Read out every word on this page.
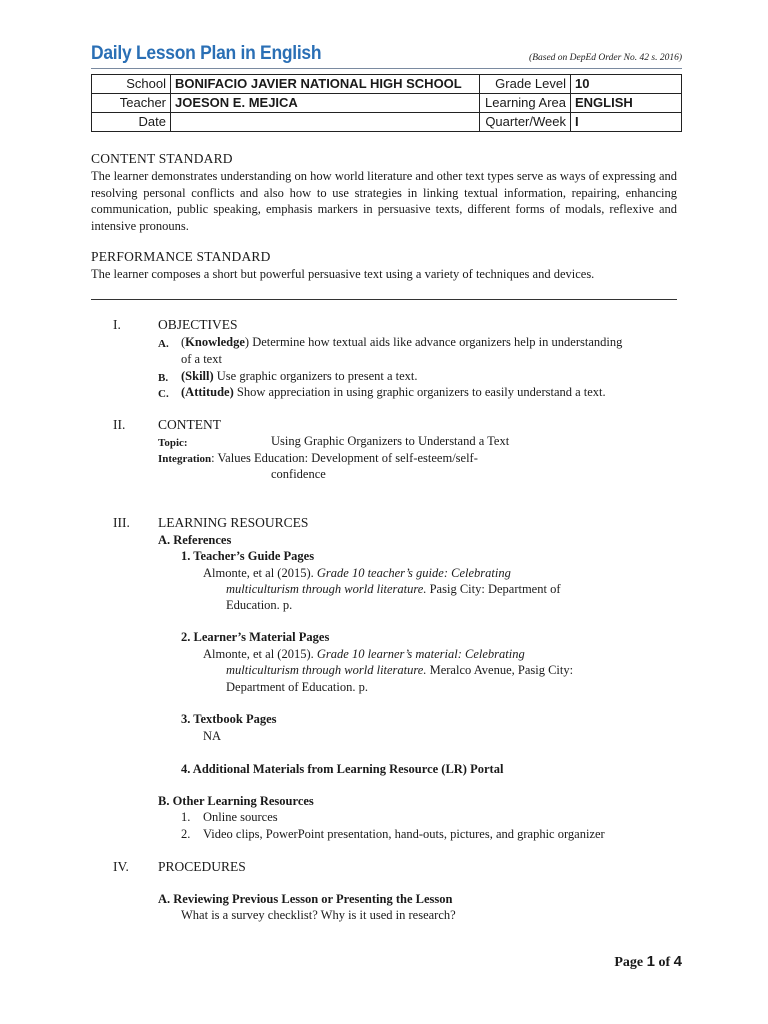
Daily Lesson Plan in English	(Based on DepEd Order No. 42 s. 2016)
School	BONIFACIO JAVIER NATIONAL HIGH SCHOOL	Grade Level	10
Teacher	JOESON E. MEJICA	Learning Area	ENGLISH
Date		Quarter/Week	I
CONTENT STANDARD
The learner demonstrates understanding on how world literature and other text types serve as ways of expressing and resolving personal conflicts and also how to use strategies in linking textual information, repairing, enhancing communication, public speaking, emphasis markers in persuasive texts, different forms of modals, reflexive and intensive pronouns.
PERFORMANCE STANDARD
The learner composes a short but powerful persuasive text using a variety of techniques and devices.
I.	OBJECTIVES
A. (Knowledge) Determine how textual aids like advance organizers help in understanding
of a text
B. (Skill) Use graphic organizers to present a text.
C. (Attitude) Show appreciation in using graphic organizers to easily understand a text.
II. CONTENT
Topic:	Using Graphic Organizers to Understand a Text
Integration: Values Education: Development of self-esteem/self-
confidence
III. LEARNING RESOURCES
A. References
1. Teacher’s Guide Pages
Almonte, et al (2015). Grade 10 teacher’s guide: Celebrating
multiculturism through world literature. Pasig City: Department of
Education. p.
2. Learner’s Material Pages
Almonte, et al (2015). Grade 10 learner’s material: Celebrating
multiculturism through world literature. Meralco Avenue, Pasig City:
Department of Education. p.
3. Textbook Pages
NA
4. Additional Materials from Learning Resource (LR) Portal
B. Other Learning Resources
1. Online sources
2. Video clips, PowerPoint presentation, hand-outs, pictures, and graphic organizer
IV. PROCEDURES
A. Reviewing Previous Lesson or Presenting the Lesson
What is a survey checklist? Why is it used in research?
Page 1 of 4
